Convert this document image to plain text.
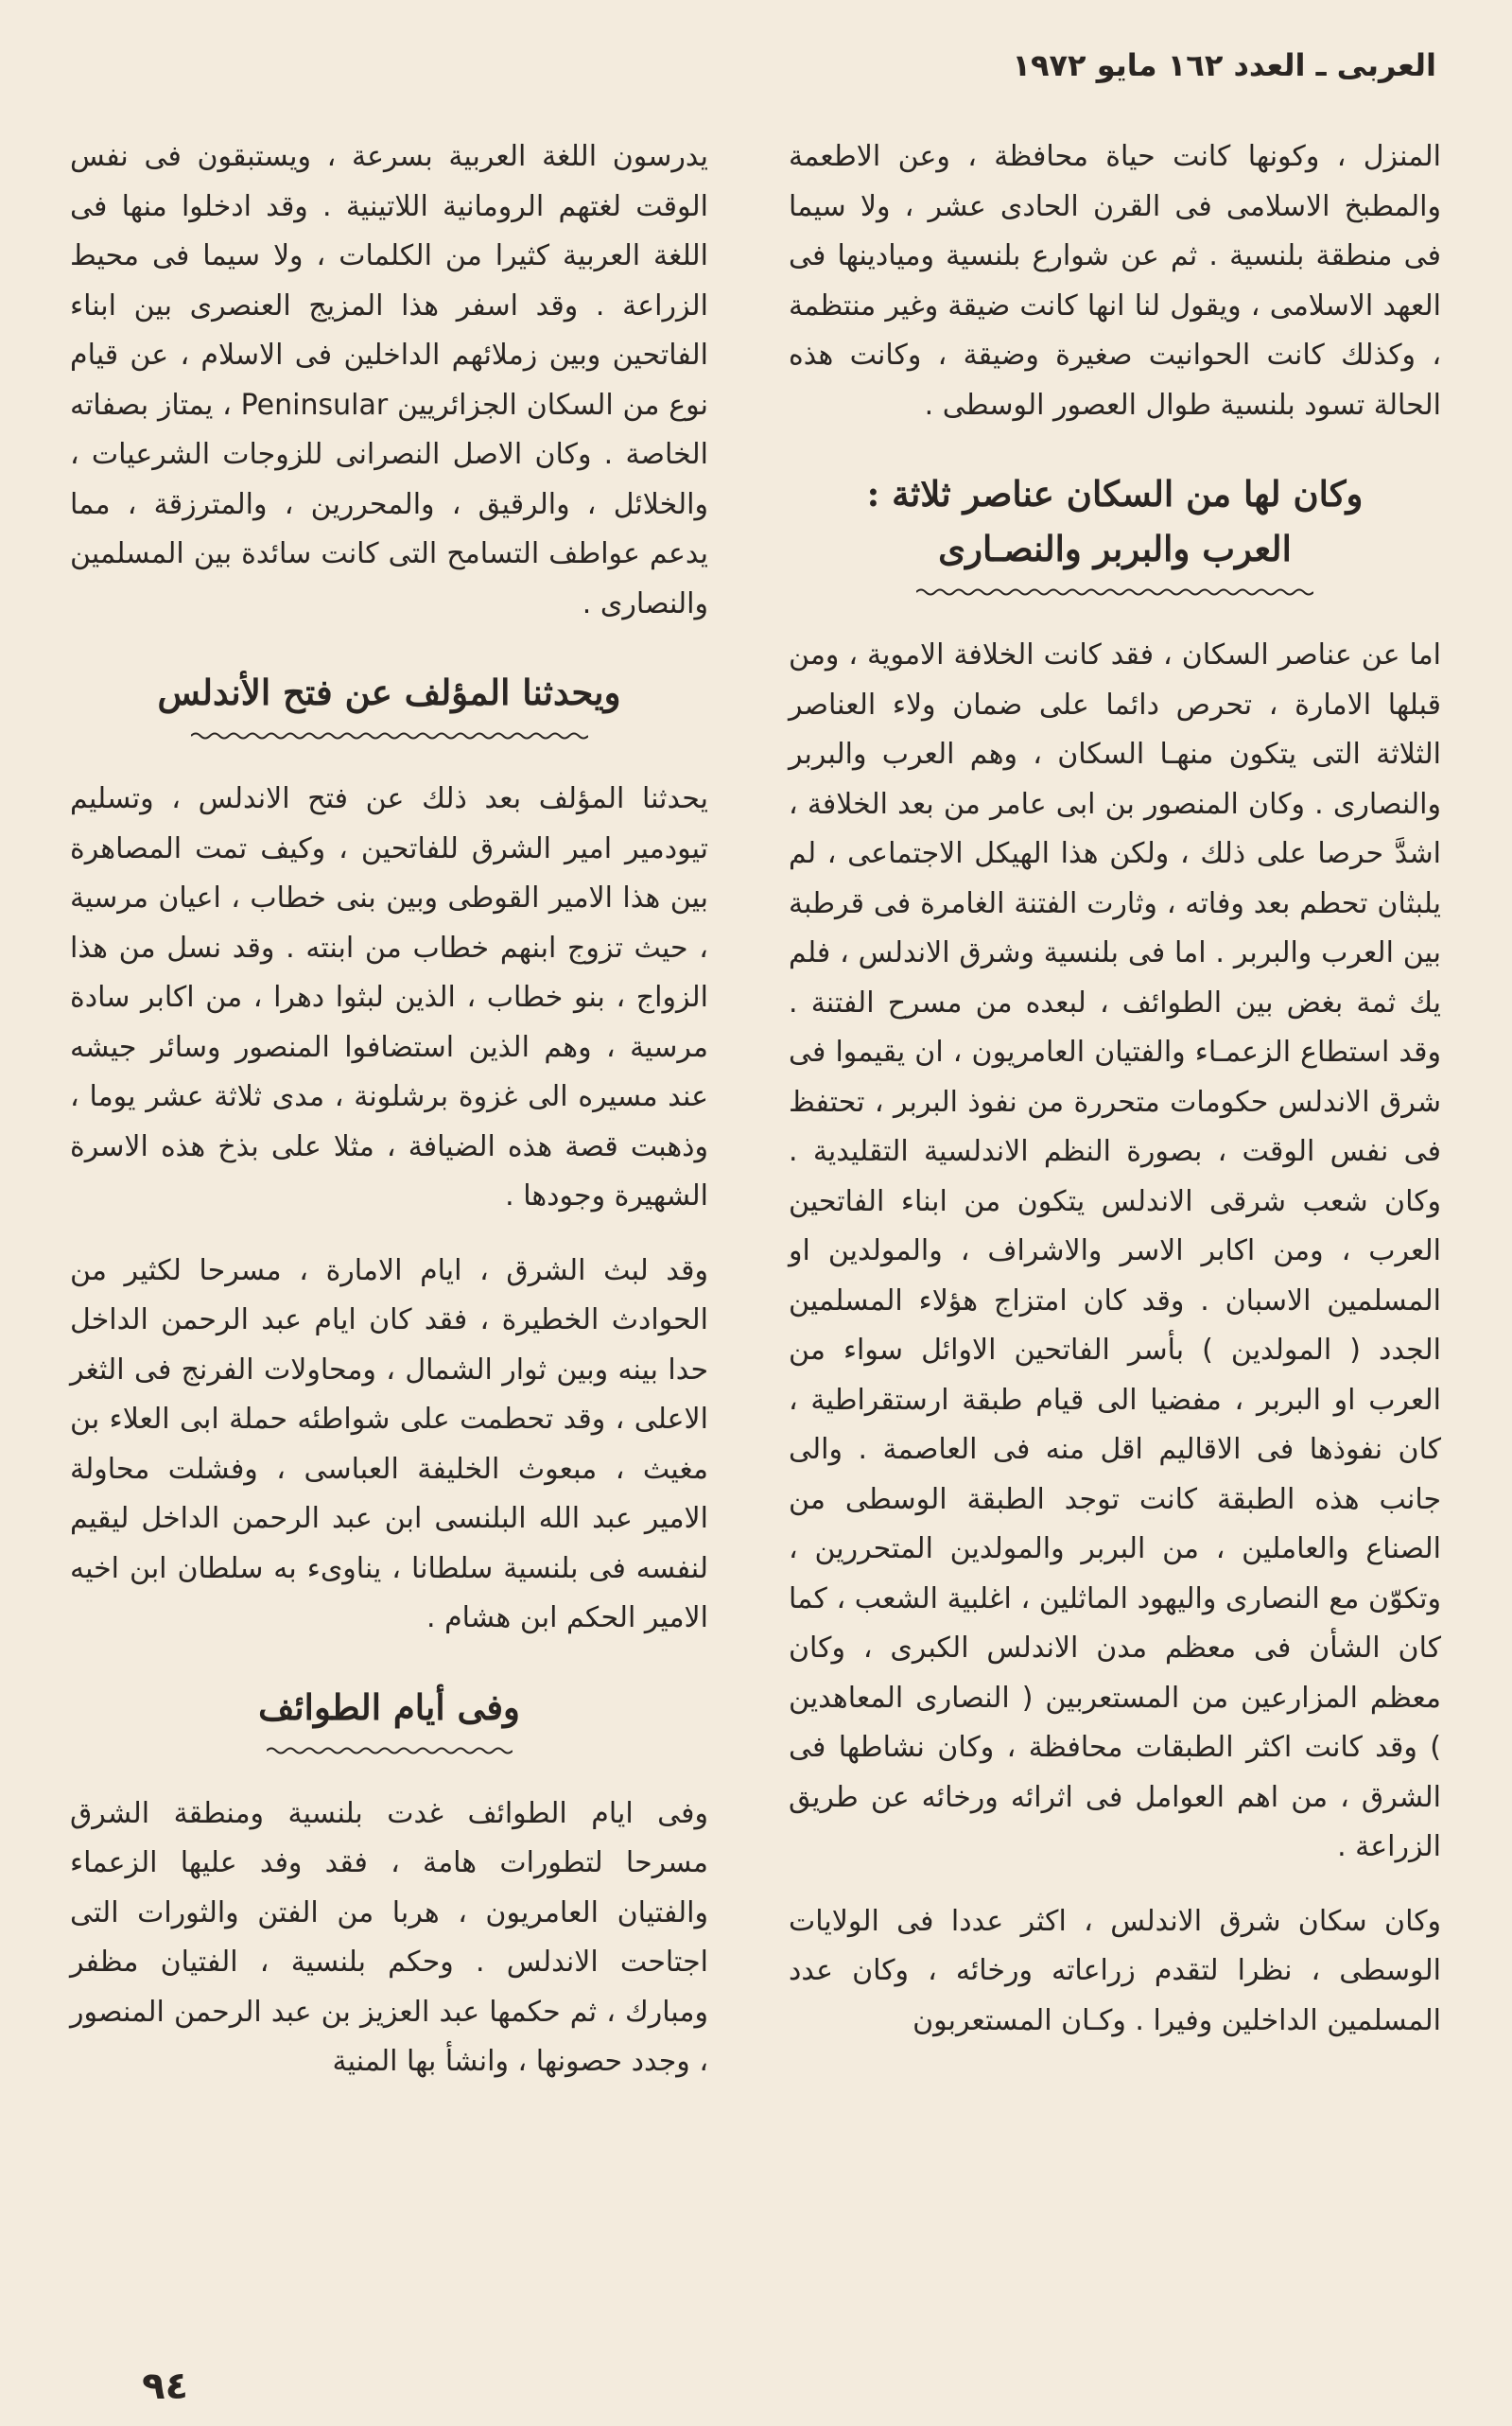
العربى ـ العدد ١٦٢ مايو ١٩٧٢

المنزل ، وكونها كانت حياة محافظة ، وعن الاطعمة والمطبخ الاسلامى فى القرن الحادى عشر ، ولا سيما فى منطقة بلنسية . ثم عن شوارع بلنسية وميادينها فى العهد الاسلامى ، ويقول لنا انها كانت ضيقة وغير منتظمة ، وكذلك كانت الحوانيت صغيرة وضيقة ، وكانت هذه الحالة تسود بلنسية طوال العصور الوسطى .

وكان لها من السكان عناصر ثلاثة :
العرب والبربر والنصـارى

اما عن عناصر السكان ، فقد كانت الخلافة الاموية ، ومن قبلها الامارة ، تحرص دائما على ضمان ولاء العناصر الثلاثة التى يتكون منهـا السكان ، وهم العرب والبربر والنصارى . وكان المنصور بن ابى عامر من بعد الخلافة ، اشدَّ حرصا على ذلك ، ولكن هذا الهيكل الاجتماعى ، لم يلبثان تحطم بعد وفاته ، وثارت الفتنة الغامرة فى قرطبة بين العرب والبربر . اما فى بلنسية وشرق الاندلس ، فلم يك ثمة بغض بين الطوائف ، لبعده من مسرح الفتنة . وقد استطاع الزعمـاء والفتيان العامريون ، ان يقيموا فى شرق الاندلس حكومات متحررة من نفوذ البربر ، تحتفظ فى نفس الوقت ، بصورة النظم الاندلسية التقليدية . وكان شعب شرقى الاندلس يتكون من ابناء الفاتحين العرب ، ومن اكابر الاسر والاشراف ، والمولدين او المسلمين الاسبان . وقد كان امتزاج هؤلاء المسلمين الجدد ( المولدين ) بأسر الفاتحين الاوائل سواء من العرب او البربر ، مفضيا الى قيام طبقة ارستقراطية ، كان نفوذها فى الاقاليم اقل منه فى العاصمة . والى جانب هذه الطبقة كانت توجد الطبقة الوسطى من الصناع والعاملين ، من البربر والمولدين المتحررين ، وتكوّن مع النصارى واليهود الماثلين ، اغلبية الشعب ، كما كان الشأن فى معظم مدن الاندلس الكبرى ، وكان معظم المزارعين من المستعربين ( النصارى المعاهدين ) وقد كانت اكثر الطبقات محافظة ، وكان نشاطها فى الشرق ، من اهم العوامل فى اثرائه ورخائه عن طريق الزراعة .

وكان سكان شرق الاندلس ، اكثر عددا فى الولايات الوسطى ، نظرا لتقدم زراعاته ورخائه ، وكان عدد المسلمين الداخلين وفيرا . وكـان المستعربون

يدرسون اللغة العربية بسرعة ، ويستبقون فى نفس الوقت لغتهم الرومانية اللاتينية . وقد ادخلوا منها فى اللغة العربية كثيرا من الكلمات ، ولا سيما فى محيط الزراعة . وقد اسفر هذا المزيج العنصرى بين ابناء الفاتحين وبين زملائهم الداخلين فى الاسلام ، عن قيام نوع من السكان الجزائريين Peninsular ، يمتاز بصفاته الخاصة . وكان الاصل النصرانى للزوجات الشرعيات ، والخلائل ، والرقيق ، والمحررين ، والمترزقة ، مما يدعم عواطف التسامح التى كانت سائدة بين المسلمين والنصارى .

ويحدثنا المؤلف عن فتح الأندلس

يحدثنا المؤلف بعد ذلك عن فتح الاندلس ، وتسليم تيودمير امير الشرق للفاتحين ، وكيف تمت المصاهرة بين هذا الامير القوطى وبين بنى خطاب ، اعيان مرسية ، حيث تزوج ابنهم خطاب من ابنته . وقد نسل من هذا الزواج ، بنو خطاب ، الذين لبثوا دهرا ، من اكابر سادة مرسية ، وهم الذين استضافوا المنصور وسائر جيشه عند مسيره الى غزوة برشلونة ، مدى ثلاثة عشر يوما ، وذهبت قصة هذه الضيافة ، مثلا على بذخ هذه الاسرة الشهيرة وجودها .

وقد لبث الشرق ، ايام الامارة ، مسرحا لكثير من الحوادث الخطيرة ، فقد كان ايام عبد الرحمن الداخل حدا بينه وبين ثوار الشمال ، ومحاولات الفرنج فى الثغر الاعلى ، وقد تحطمت على شواطئه حملة ابى العلاء بن مغيث ، مبعوث الخليفة العباسى ، وفشلت محاولة الامير عبد الله البلنسى ابن عبد الرحمن الداخل ليقيم لنفسه فى بلنسية سلطانا ، يناوىء به سلطان ابن اخيه الامير الحكم ابن هشام .

وفى أيام الطوائف

وفى ايام الطوائف غدت بلنسية ومنطقة الشرق مسرحا لتطورات هامة ، فقد وفد عليها الزعماء والفتيان العامريون ، هربا من الفتن والثورات التى اجتاحت الاندلس . وحكم بلنسية ، الفتيان مظفر ومبارك ، ثم حكمها عبد العزيز بن عبد الرحمن المنصور ، وجدد حصونها ، وانشأ بها المنية

٩٤
